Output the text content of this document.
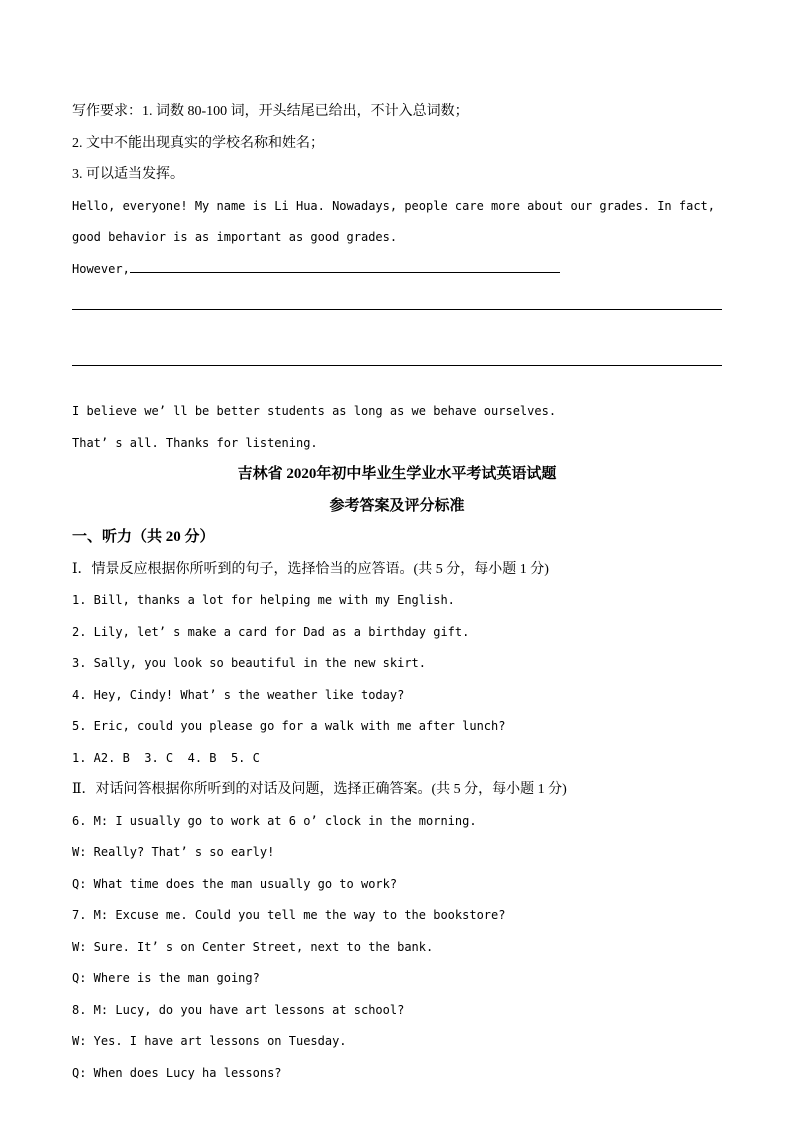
写作要求：1. 词数 80-100 词，开头结尾已给出，不计入总词数；
2. 文中不能出现真实的学校名称和姓名；
3. 可以适当发挥。
Hello, everyone! My name is Li Hua. Nowadays, people care more about our grades. In fact,
good behavior is as important as good grades.
However,
I believe we’ ll be better students as long as we behave ourselves.
That’ s all. Thanks for listening.
吉林省 2020年初中毕业生学业水平考试英语试题
参考答案及评分标准
一、听力（共 20 分）
Ⅰ．情景反应根据你所听到的句子，选择恰当的应答语。(共 5 分，每小题 1 分)
1. Bill, thanks a lot for helping me with my English.
2. Lily, let’ s make a card for Dad as a birthday gift.
3. Sally, you look so beautiful in the new skirt.
4. Hey, Cindy! What’ s the weather like today?
5. Eric, could you please go for a walk with me after lunch?
1. A2. B  3. C  4. B  5. C
Ⅱ．对话问答根据你所听到的对话及问题，选择正确答案。(共 5 分，每小题 1 分)
6. M: I usually go to work at 6 o’ clock in the morning.
W: Really? That’ s so early!
Q: What time does the man usually go to work?
7. M: Excuse me. Could you tell me the way to the bookstore?
W: Sure. It’ s on Center Street, next to the bank.
Q: Where is the man going?
8. M: Lucy, do you have art lessons at school?
W: Yes. I have art lessons on Tuesday.
Q: When does Lucy ha lessons?
